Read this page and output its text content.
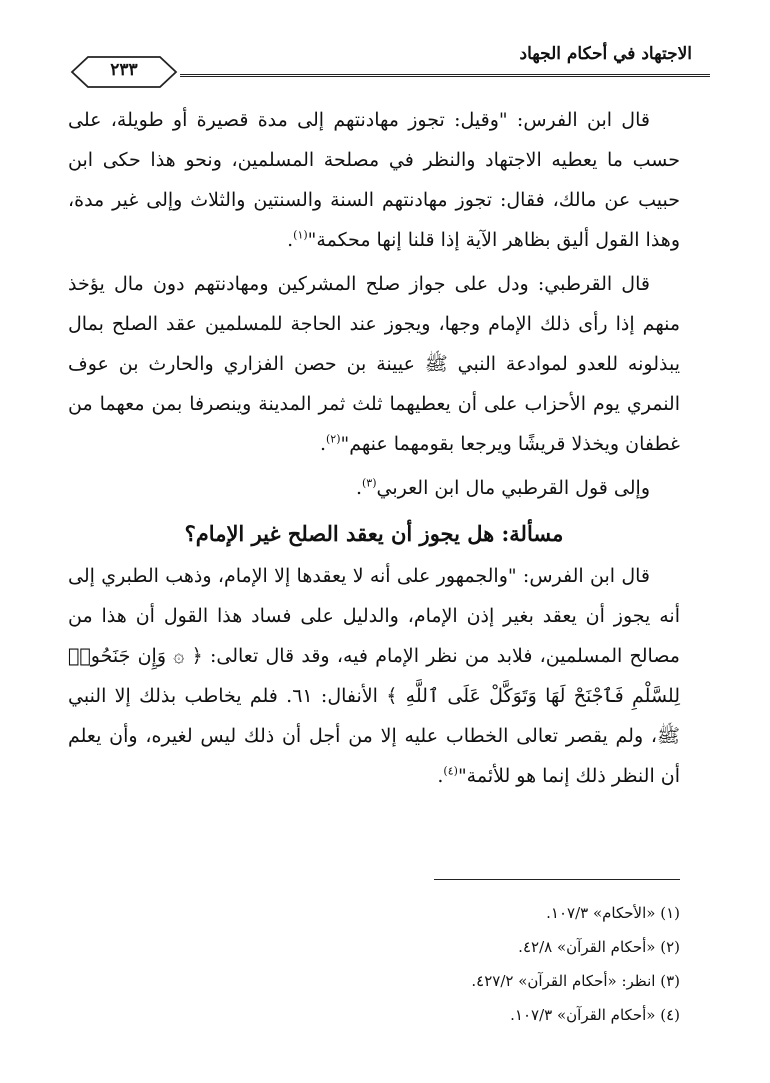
الاجتهاد في أحكام الجهاد
٢٣٣

قال ابن الفرس: "وقيل: تجوز مهادنتهم إلى مدة قصيرة أو طويلة، على حسب ما يعطيه الاجتهاد والنظر في مصلحة المسلمين، ونحو هذا حكى ابن حبيب عن مالك، فقال: تجوز مهادنتهم السنة والسنتين والثلاث وإلى غير مدة، وهذا القول أليق بظاهر الآية إذا قلنا إنها محكمة"$^{(١)}$.

قال القرطبي: ودل على جواز صلح المشركين ومهادنتهم دون مال يؤخذ منهم إذا رأى ذلك الإمام وجها، ويجوز عند الحاجة للمسلمين عقد الصلح بمال يبذلونه للعدو لموادعة النبي ﷺ عيينة بن حصن الفزاري والحارث بن عوف النمري يوم الأحزاب على أن يعطيهما ثلث ثمر المدينة وينصرفا بمن معهما من غطفان ويخذلا قريشًا ويرجعا بقومهما عنهم"$^{(٢)}$.

وإلى قول القرطبي مال ابن العربي$^{(٣)}$.

مسألة: هل يجوز أن يعقد الصلح غير الإمام؟

قال ابن الفرس: "والجمهور على أنه لا يعقدها إلا الإمام، وذهب الطبري إلى أنه يجوز أن يعقد بغير إذن الإمام، والدليل على فساد هذا القول أن هذا من مصالح المسلمين، فلابد من نظر الإمام فيه، وقد قال تعالى: ﴿ ۞ وَإِن جَنَحُوا۟ لِلسَّلْمِ فَٱجْنَحْ لَهَا وَتَوَكَّلْ عَلَى ٱللَّهِ ﴾ الأنفال: ٦١. فلم يخاطب بذلك إلا النبي ﷺ، ولم يقصر تعالى الخطاب عليه إلا من أجل أن ذلك ليس لغيره، وأن يعلم أن النظر ذلك إنما هو للأئمة"$^{(٤)}$.

(١) «الأحكام» ١٠٧/٣.

(٢) «أحكام القرآن» ٤٢/٨.

(٣) انظر: «أحكام القرآن» ٤٢٧/٢.

(٤) «أحكام القرآن» ١٠٧/٣.
